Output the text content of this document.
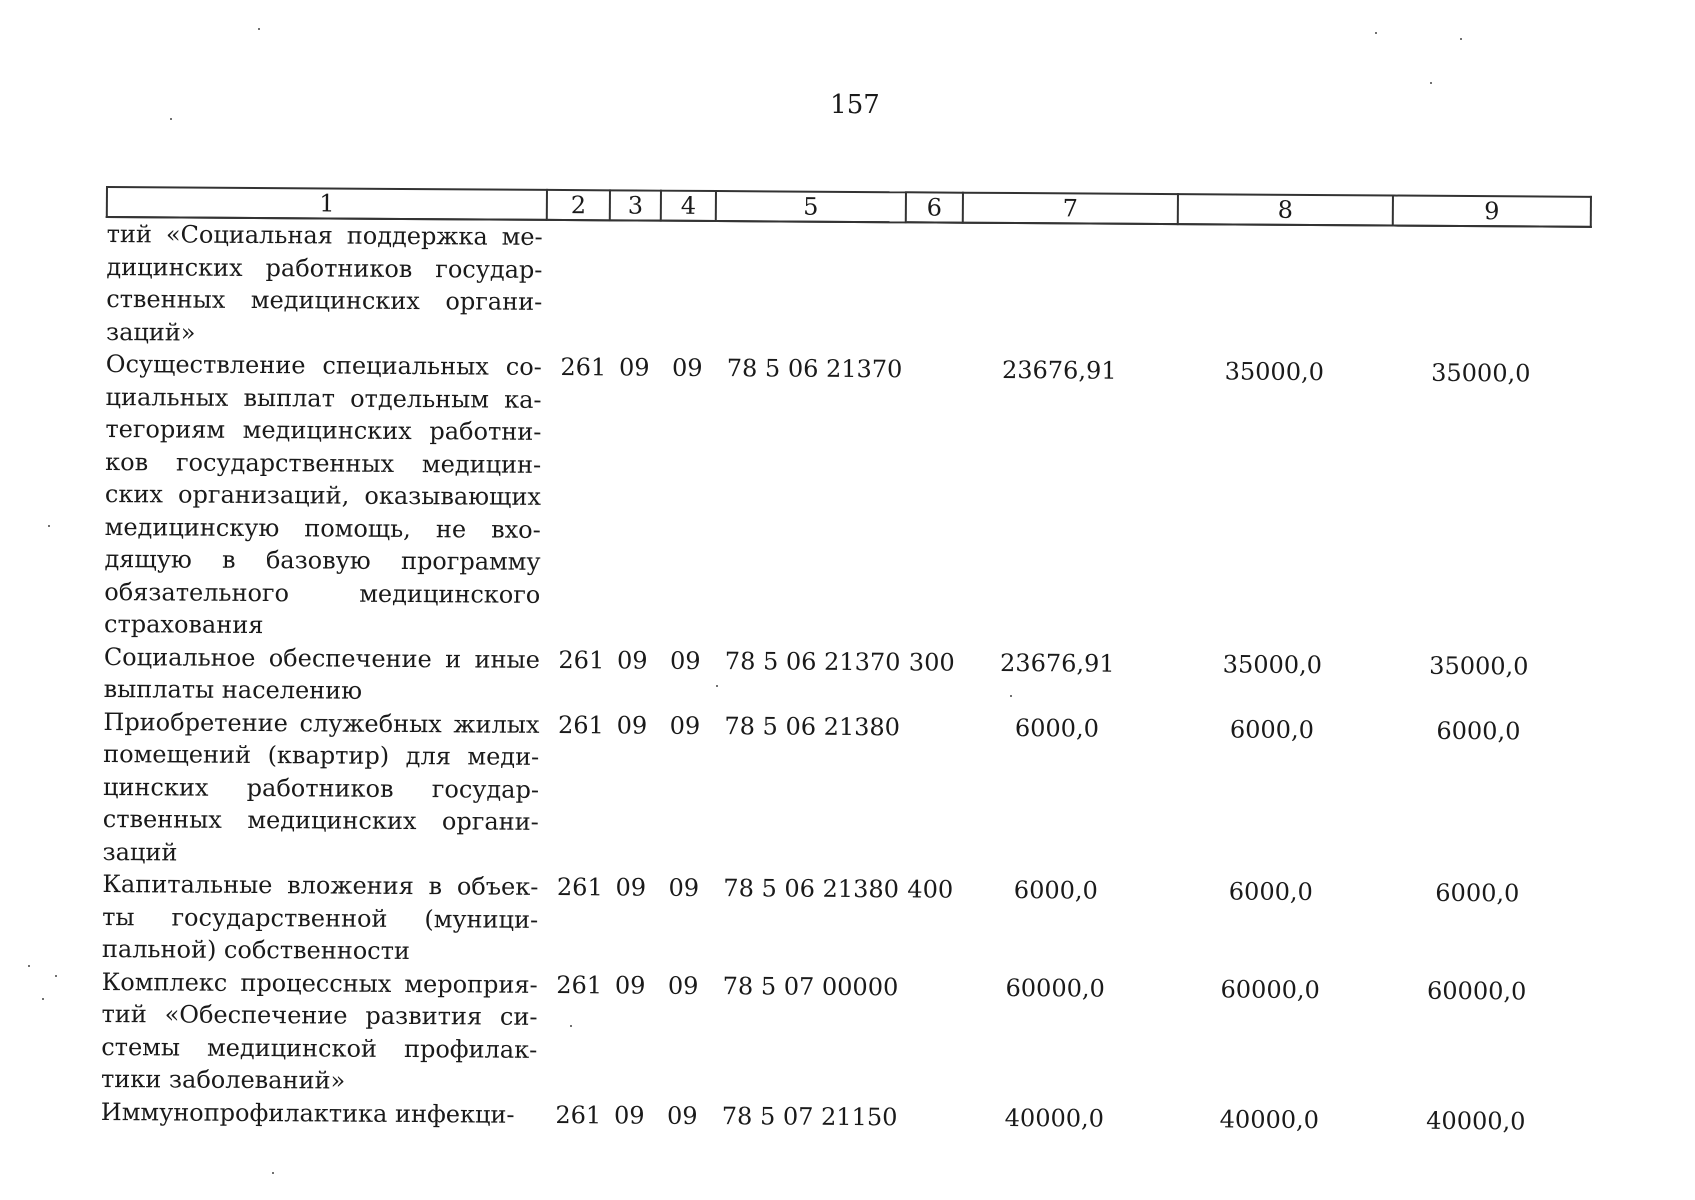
157
1	2	3	4	5	6	7	8	9
тий «Социальная поддержка медицинских работников государственных медицинских организаций»								
Осуществление специальных социальных выплат отдельным категориям медицинских работников государственных медицинских организаций, оказывающих медицинскую помощь, не входящую в базовую программу обязательного медицинского страхования	261	09	09	78 5 06 21370		23676,91	35000,0	35000,0
Социальное обеспечение и иные выплаты населению	261	09	09	78 5 06 21370	300	23676,91	35000,0	35000,0
Приобретение служебных жилых помещений (квартир) для медицинских работников государственных медицинских организаций	261	09	09	78 5 06 21380		6000,0	6000,0	6000,0
Капитальные вложения в объекты государственной (муниципальной) собственности	261	09	09	78 5 06 21380	400	6000,0	6000,0	6000,0
Комплекс процессных мероприятий «Обеспечение развития системы медицинской профилактики заболеваний»	261	09	09	78 5 07 00000		60000,0	60000,0	60000,0
Иммунопрофилактика инфекци-	261	09	09	78 5 07 21150		40000,0	40000,0	40000,0
